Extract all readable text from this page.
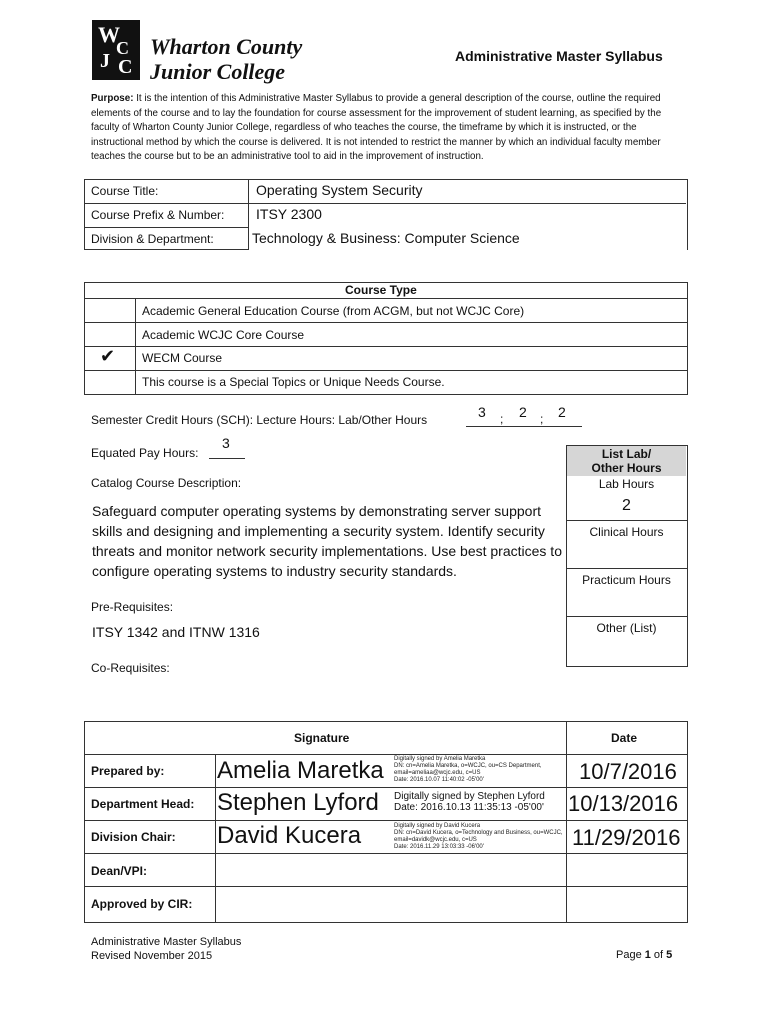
W
C
J C
Wharton County
Junior College
Administrative Master Syllabus
Purpose: It is the intention of this Administrative Master Syllabus to provide a general description of the course, outline the required elements of the course and to lay the foundation for course assessment for the improvement of student learning, as specified by the faculty of Wharton County Junior College, regardless of who teaches the course, the timeframe by which it is instructed, or the instructional method by which the course is delivered. It is not intended to restrict the manner by which an individual faculty member teaches the course but to be an administrative tool to aid in the improvement of instruction.
Course Title:	Operating System Security
Course Prefix & Number: ITSY 2300
Division & Department:	Technology & Business: Computer Science
Course Type
Academic General Education Course (from ACGM, but not WCJC Core)
Academic WCJC Core Course
✔ WECM Course
This course is a Special Topics or Unique Needs Course.
Semester Credit Hours (SCH): Lecture Hours: Lab/Other Hours	3 ; 2 ; 2
Equated Pay Hours:
3
Catalog Course Description:
Safeguard computer operating systems by demonstrating server support skills and designing and implementing a security system. Identify security threats and monitor network security implementations. Use best practices to configure operating systems to industry security standards.
Pre-Requisites:
ITSY 1342 and ITNW 1316
Co-Requisites:
List Lab/
Other Hours
Lab Hours
2
Clinical Hours
Practicum Hours
Other (List)
Signature	Date
Prepared by: Amelia Maretka Digitally signed by Amelia Maretka
DN: cn=Amelia Maretka, o=WCJC, ou=CS Department,
email=ameliaa@wcjc.edu, c=US
Date: 2016.10.07 11:40:02 -05'00'	10/7/2016
Department Head: Stephen Lyford Digitally signed by Stephen Lyford
Date: 2016.10.13 11:35:13 -05'00'	10/13/2016
Division Chair: David Kucera	Digitally signed by David Kucera
DN: cn=David Kucera, o=Technology and Business, ou=WCJC,
email=davidk@wcjc.edu, c=US
Date: 2016.11.29 13:03:33 -06'00'	11/29/2016
Dean/VPI:
Approved by CIR:
Administrative Master Syllabus
Revised November 2015	Page 1 of 5
